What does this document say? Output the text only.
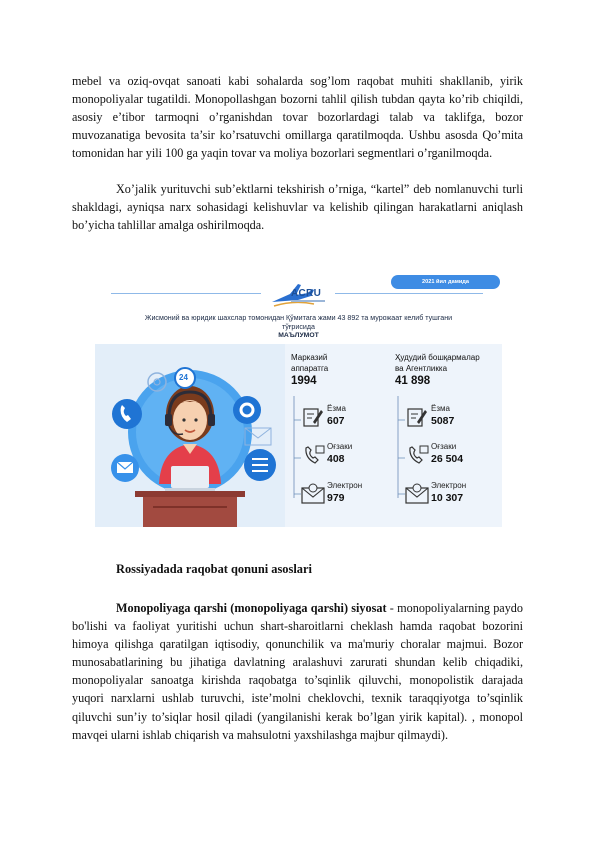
mebel va oziq-ovqat sanoati kabi sohalarda sog’lom raqobat muhiti shakllanib, yirik monopoliyalar tugatildi. Monopollashgan bozorni tahlil qilish tubdan qayta ko’rib chiqildi, asosiy e’tibor tarmoqni o’rganishdan tovar bozorlardagi talab va taklifga, bozor muvozanatiga bevosita ta’sir ko’rsatuvchi omillarga qaratilmoqda. Ushbu asosda Qo’mita tomonidan har yili 100 ga yaqin tovar va moliya bozorlari segmentlari o’rganilmoqda.

Xo’jalik yurituvchi sub’ektlarni tekshirish o’rniga, “kartel” deb nomlanuvchi turli shakldagi, ayniqsa narx sohasidagi kelishuvlar va kelishib qilingan harakatlarni aniqlash bo’yicha tahlillar amalga oshirilmoqda.

2021 йил дамида
ACRU
Жисмоний ва юридик шахслар томонидан Қўмитага жами 43 892 та мурожаат келиб тушгани
тўғрисида
МАЪЛУМОТ
24
Марказий
аппаратга
1994
Ҳудудий бошқармалар
ва Агентликка
41 898
Ёзма
607
Оғзаки
408
Электрон
979
Ёзма
5087
Оғзаки
26 504
Электрон
10 307

Rossiyadada raqobat qonuni asoslari

Monopoliyaga qarshi (monopoliyaga qarshi) siyosat - monopoliyalarning paydo bo'lishi va faoliyat yuritishi uchun shart-sharoitlarni cheklash hamda raqobat bozorini himoya qilishga qaratilgan iqtisodiy, qonunchilik va ma'muriy choralar majmui. Bozor munosabatlarining bu jihatiga davlatning aralashuvi zarurati shundan kelib chiqadiki, monopoliyalar sanoatga kirishda raqobatga to’sqinlik qiluvchi, monopolistik darajada yuqori narxlarni ushlab turuvchi, iste’molni cheklovchi, texnik taraqqiyotga to’sqinlik qiluvchi sun’iy to’siqlar hosil qiladi (yangilanishi kerak bo’lgan yirik kapital). , monopol mavqei ularni ishlab chiqarish va mahsulotni yaxshilashga majbur qilmaydi).
